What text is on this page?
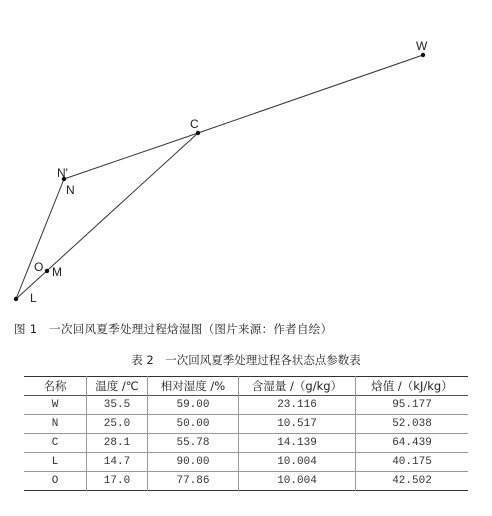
W
C
N'
N
O M
L
图 1　一次回风夏季处理过程焓湿图（图片来源：作者自绘）
表 2　一次回风夏季处理过程各状态点参数表
名称	温度 /℃	相对湿度 /%	含湿量 /（g/kg）	焓值 /（kJ/kg）
W	35.5	59.00	23.116	95.177
N	25.0	50.00	10.517	52.038
C	28.1	55.78	14.139	64.439
L	14.7	90.00	10.004	40.175
O	17.0	77.86	10.004	42.502
